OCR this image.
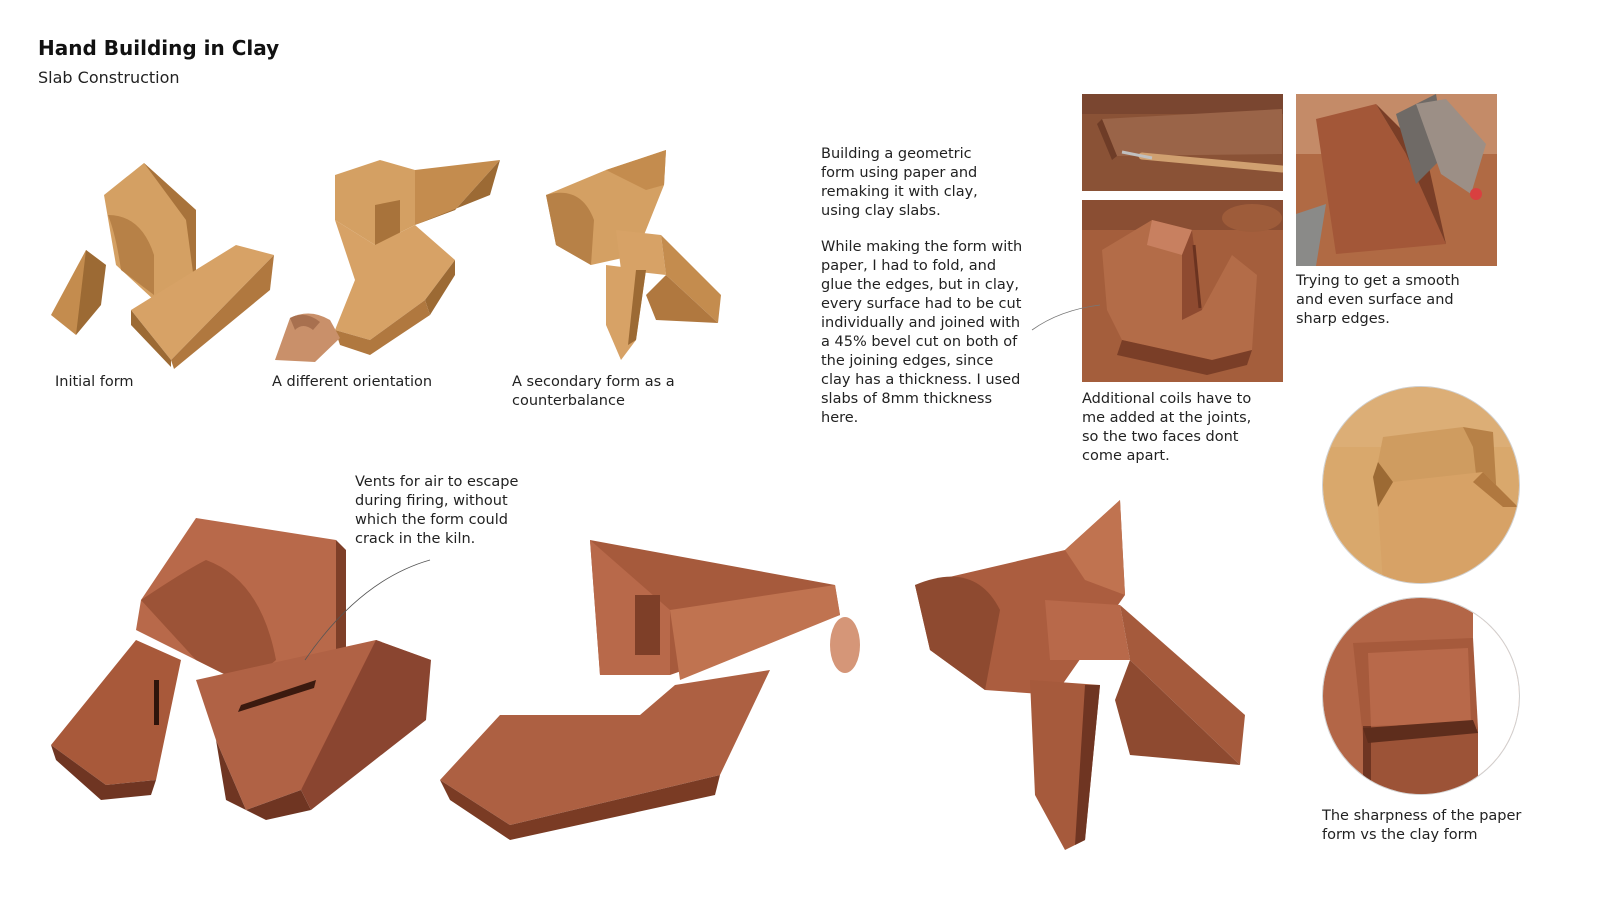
Hand Building in Clay
Slab Construction
Initial form	A different orientation	A secondary form as a counterbalance
Building a geometric form using paper and remaking it with clay, using clay slabs.
While making the form with paper, I had to fold, and glue the edges, but in clay, every surface had to be cut individually and joined with a 45% bevel cut on both of the joining edges, since clay has a thickness. I used slabs of 8mm thickness here.
Additional coils have to me added at the joints, so the two faces dont come apart.
Trying to get a smooth and even surface and sharp edges.
The sharpness of the paper form vs the clay form
Vents for air to escape during firing, without which the form could crack in the kiln.
